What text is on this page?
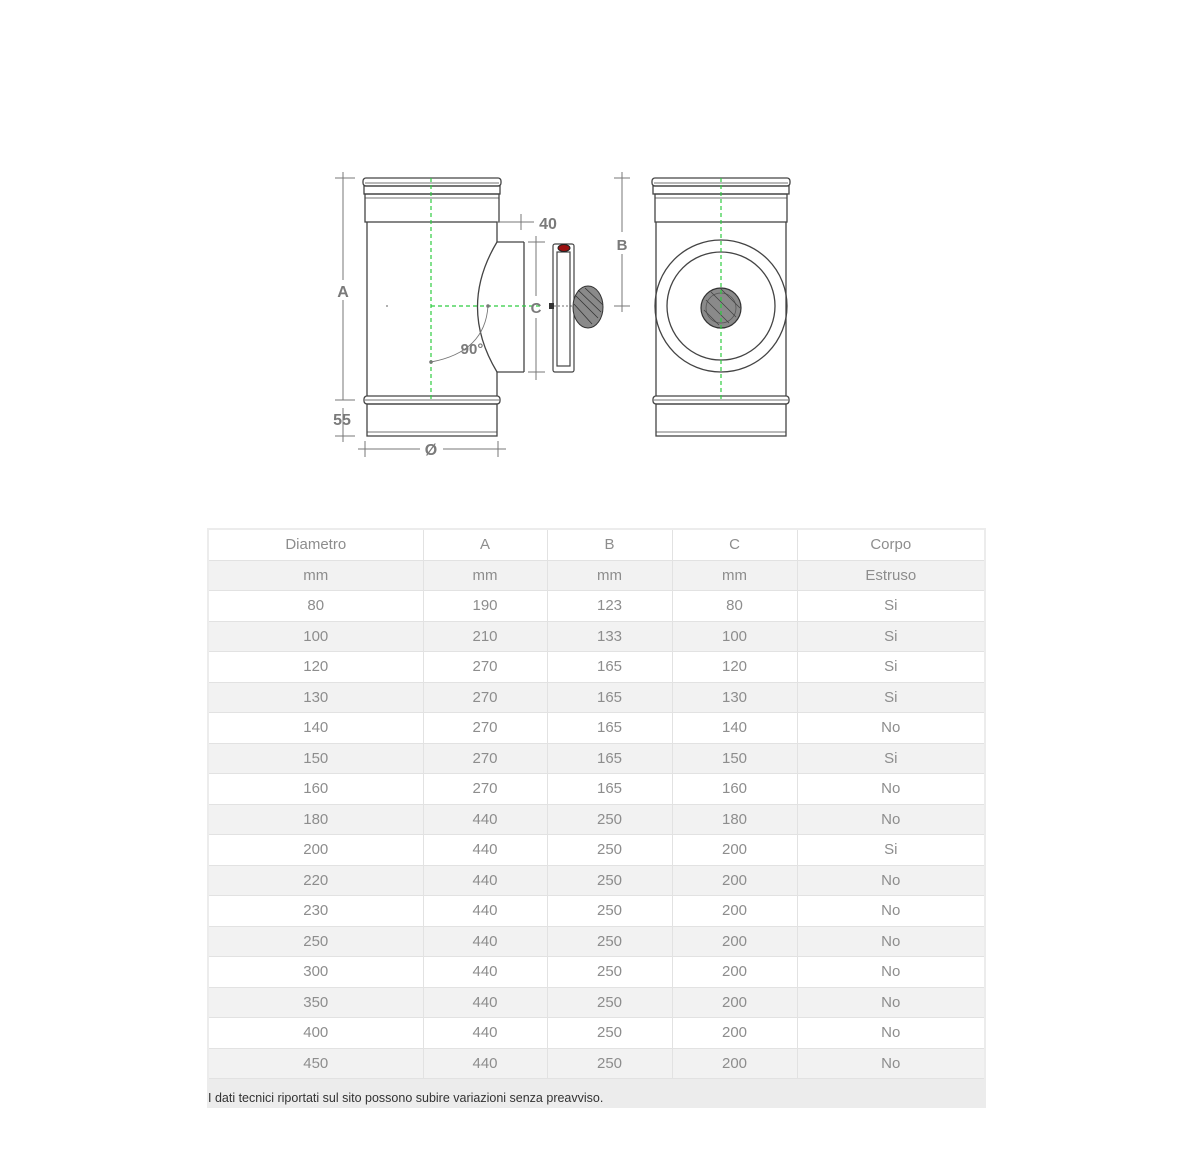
A
55
40
C
90°
Ø
B
Diametro	A	B	C	Corpo
mm	mm	mm	mm	Estruso
80	190	123	80	Si
100	210	133	100	Si
120	270	165	120	Si
130	270	165	130	Si
140	270	165	140	No
150	270	165	150	Si
160	270	165	160	No
180	440	250	180	No
200	440	250	200	Si
220	440	250	200	No
230	440	250	200	No
250	440	250	200	No
300	440	250	200	No
350	440	250	200	No
400	440	250	200	No
450	440	250	200	No
I dati tecnici riportati sul sito possono subire variazioni senza preavviso.
